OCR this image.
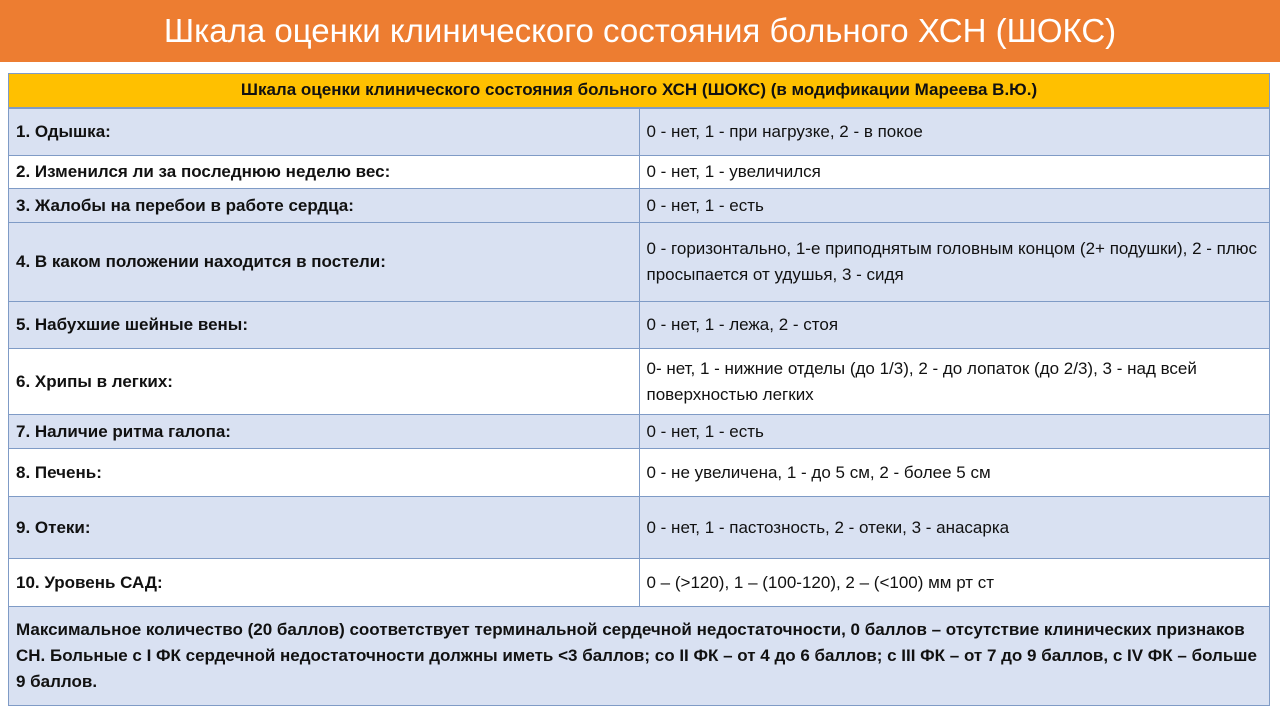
Шкала оценки клинического состояния больного ХСН (ШОКС)
Шкала оценки клинического состояния больного ХСН (ШОКС) (в модификации Мареева В.Ю.)	
1. Одышка:	0 - нет, 1 - при нагрузке, 2 - в покое
2. Изменился ли за последнюю неделю вес:	0 - нет, 1 - увеличился
3. Жалобы на перебои в работе сердца:	0 - нет, 1 - есть
4. В каком положении находится в постели:	0 - горизонтально, 1-е приподнятым головным концом (2+ подушки), 2 - плюс просыпается от удушья, 3 - сидя
5. Набухшие шейные вены:	0 - нет, 1 - лежа, 2 - стоя
6. Хрипы в легких:	0- нет, 1 - нижние отделы (до 1/3), 2 - до лопаток (до 2/3), 3 - над всей поверхностью легких
7. Наличие ритма галопа:	0 - нет, 1 - есть
8. Печень:	0 - не увеличена, 1 - до 5 см, 2 - более 5 см
9. Отеки:	0 - нет, 1 - пастозность, 2 - отеки, 3 - анасарка
10. Уровень САД:	0 – (>120), 1 – (100-120), 2 – (<100) мм рт ст
Максимальное количество (20 баллов) соответствует терминальной сердечной недостаточности, 0 баллов – отсутствие клинических признаков СН. Больные с I ФК сердечной недостаточности должны иметь <3 баллов; со II ФК – от 4 до 6 баллов; с III ФК – от 7 до 9 баллов, с IV ФК – больше 9 баллов.	
